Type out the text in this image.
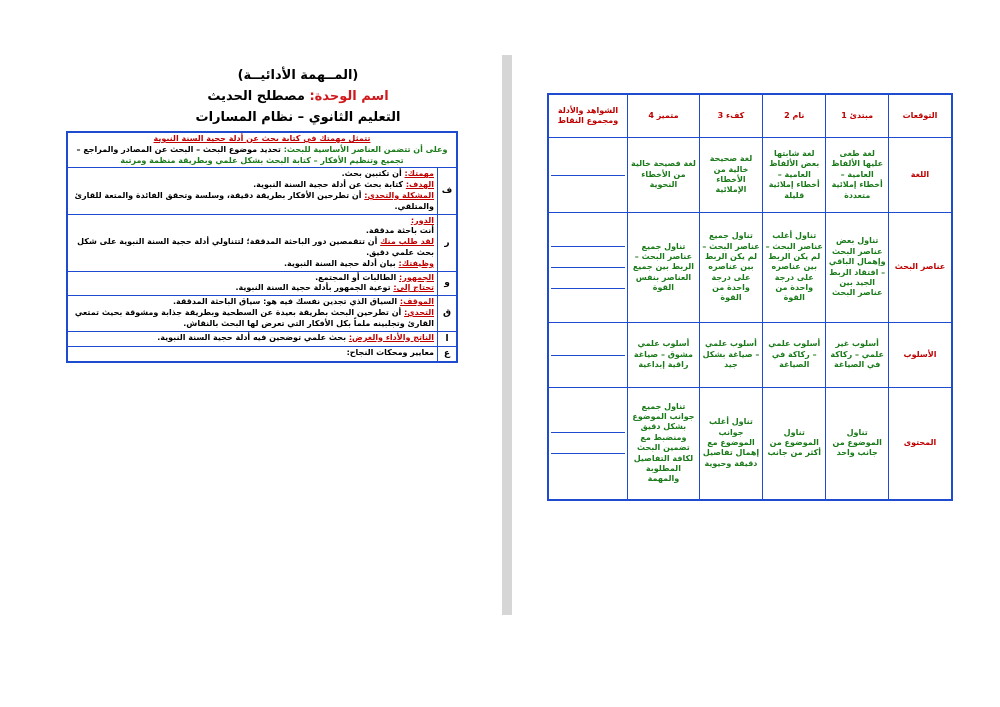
(المــهمة الأدائيــة)
اسم الوحدة: مصطلح الحديث
التعليم الثانوي – نظام المسارات
تتمثل مهمتك في كتابة بحث عن أدلة حجية السنة النبوية
وعلى أن تتضمن العناصر الأساسية للبحث: تحديد موضوع البحث – البحث عن المصادر والمراجع –
تجميع وتنظيم الأفكار – كتابة البحث بشكل علمي وبطريقة منظمة ومرتبة	

ف	مهمتك: أن تكتبين بحث.
الهدف: كتابة بحث عن أدلة حجية السنة النبوية.
المشكلة والتحدي: أن تطرحين الأفكار بطريقة دقيقة، وسلسة وتحقق الفائدة والمتعة للقارئ والمتلقي.

ر	الدور:
أنت باحثة مدققة.
لقد طلب منك أن تتقمصين دور الباحثة المدققة؛ لتتناولي أدلة حجية السنة النبوية على شكل بحث علمي دقيق.
وظيفتك: بيان أدلة حجية السنة النبوية.

و	الجمهور: الطالبات أو المجتمع.
تحتاج إلى: توعية الجمهور بأدلة حجية السنة النبوية.

ق	الموقف: السياق الذي تجدين نفسك فيه هو: سياق الباحثة المدققة.
التحدي: أن تطرحين البحث بطريقة بعيدة عن السطحية وبطريقة جذابة ومشوقة بحيث تمتعي القارئ وتجلبينه ملماً بكل الأفكار التي تعرض لها البحث بالنقاش.

ا	الناتج والأداء والغرض: بحث علمي توضحين فيه أدلة حجية السنة النبوية.

ع	معايير ومحكات النجاح:
التوقعات	مبتدئ 1	نام 2	كفء 3	متميز 4	الشواهد والأدلة ومجموع النقاط
اللغة	لغة طغى عليها الألفاظ العامية – أخطاء إملائية متعددة	لغة شابتها بعض الألفاظ العامية – أخطاء إملائية قليلة	لغة صحيحة خالية من الأخطاء الإملائية	لغة فصيحة خالية من الأخطاء النحوية	

عناصر البحث	تناول بعض عناصر البحث وإهمال الباقي – افتقاد الربط الجيد بين عناصر البحث	تناول أغلب عناصر البحث – لم يكن الربط بين عناصره على درجة واحدة من القوة	تناول جميع عناصر البحث – لم يكن الربط بين عناصره على درجة واحدة من القوة	تناول جميع عناصر البحث – الربط بين جميع العناصر بنفس القوة	

الأسلوب	أسلوب غير علمي – ركاكة في الصياغة	أسلوب علمي – ركاكة في الصياغة	أسلوب علمي – صياغة بشكل جيد	أسلوب علمي مشوق – صياغة راقية إبداعية	

المحتوى	تناول الموضوع من جانب واحد	تناول الموضوع من أكثر من جانب	تناول أغلب جوانب الموضوع مع إهمال تفاصيل دقيقة وحيوية	تناول جميع جوانب الموضوع بشكل دقيق ومنضبط مع تضمين البحث لكافة التفاصيل المطلوبة والمهمة	
